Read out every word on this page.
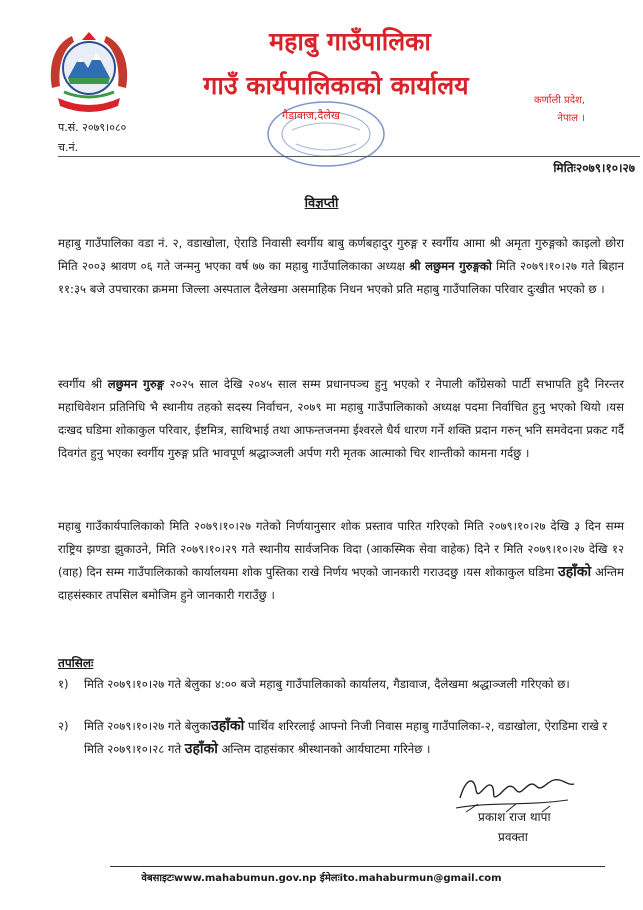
महाबु गाउँपालिका
गाउँ कार्यपालिकाको कार्यालय
कर्णाली प्रदेश,
नेपाल ।
गैडावाज,दैलेख
प.सं. २०७९।०८०
च.नं.
मितिः२०७९।१०।२७
विज्ञप्ती
महाबु गाउँपालिका वडा नं. २, वडाखोला, ऐराडि निवासी स्वर्गीय बाबु कर्णबहादुर गुरुङ्ग र स्वर्गीय आमा श्री अमृता गुरुङ्गको काइलो छोरा मिति २००३ श्रावण ०६ गते जन्मनु भएका वर्ष ७७ का महाबु गाउँपालिकाका अध्यक्ष श्री लछुमन गुरुङ्गको मिति २०७९।१०।२७ गते बिहान ११:३५ बजे उपचारका क्रममा जिल्ला अस्पताल दैलेखमा असमाहिक निधन भएको प्रति महाबु गाउँपालिका परिवार दुःखीत भएको छ ।
स्वर्गीय श्री लछुमन गुरुङ्ग २०२५ साल देखि २०४५ साल सम्म प्रधानपञ्च हुनु भएको र नेपाली काँग्रेसको पार्टी सभापति हुदै निरन्तर महाधिवेशन प्रतिनिधि भै स्थानीय तहको सदस्य निर्वाचन, २०७९ मा महाबु गाउँपालिकाको अध्यक्ष पदमा निर्वाचित हुनु भएको थियो ।यस दःखद घडिमा शोकाकुल परिवार, ईष्टमित्र, साथिभाई तथा आफन्तजनमा ईश्वरले धैर्य धारण गर्ने शक्ति प्रदान गरुन् भनि समवेदना प्रकट गर्दै दिवगंत हुनु भएका स्वर्गीय गुरुङ्ग प्रति भावपूर्ण श्रद्धाञ्जली अर्पण गरी मृतक आत्माको चिर शान्तीको कामना गर्दछु ।
महाबु गाउँकार्यपालिकाको मिति २०७९।१०।२७ गतेको निर्णयानुसार शोक प्रस्ताव पारित गरिएको मिति २०७९।१०।२७ देखि ३ दिन सम्म राष्ट्रिय झण्डा झुकाउने, मिति २०७९।१०।२९ गते स्थानीय सार्वजनिक विदा (आकस्मिक सेवा वाहेक) दिने र मिति २०७९।१०।२७ देखि १२ (वाह) दिन सम्म गाउँपालिकाको कार्यालयमा शोक पुस्तिका राखे निर्णय भएको जानकारी गराउदछु ।यस शोकाकुल घडिमा उहाँको अन्तिम दाहसंस्कार तपसिल बमोजिम हुने जानकारी गराउँछु ।
तपसिलः
१)	मिति २०७९।१०।२७ गते बेलुका ४:०० बजे महाबु गाउँपालिकाको कार्यालय, गैडावाज, दैलेखमा श्रद्धाञ्जली गरिएको छ।
२)	मिति २०७९।१०।२७ गते बेलुकाउहाँको पार्थिव शरिरलाई आफ्नो निजी निवास महाबु गाउँपालिका-२, वडाखोला, ऐराडिमा राखे र मिति २०७९।१०।२८ गते उहाँको अन्तिम दाहसंकार श्रीस्थानको आर्यघाटमा गरिनेछ ।
प्रकाश राज थापा
प्रवक्ता
वेबसाइटःwww.mahabumun.gov.np ईमेलःito.mahaburmun@gmail.com
